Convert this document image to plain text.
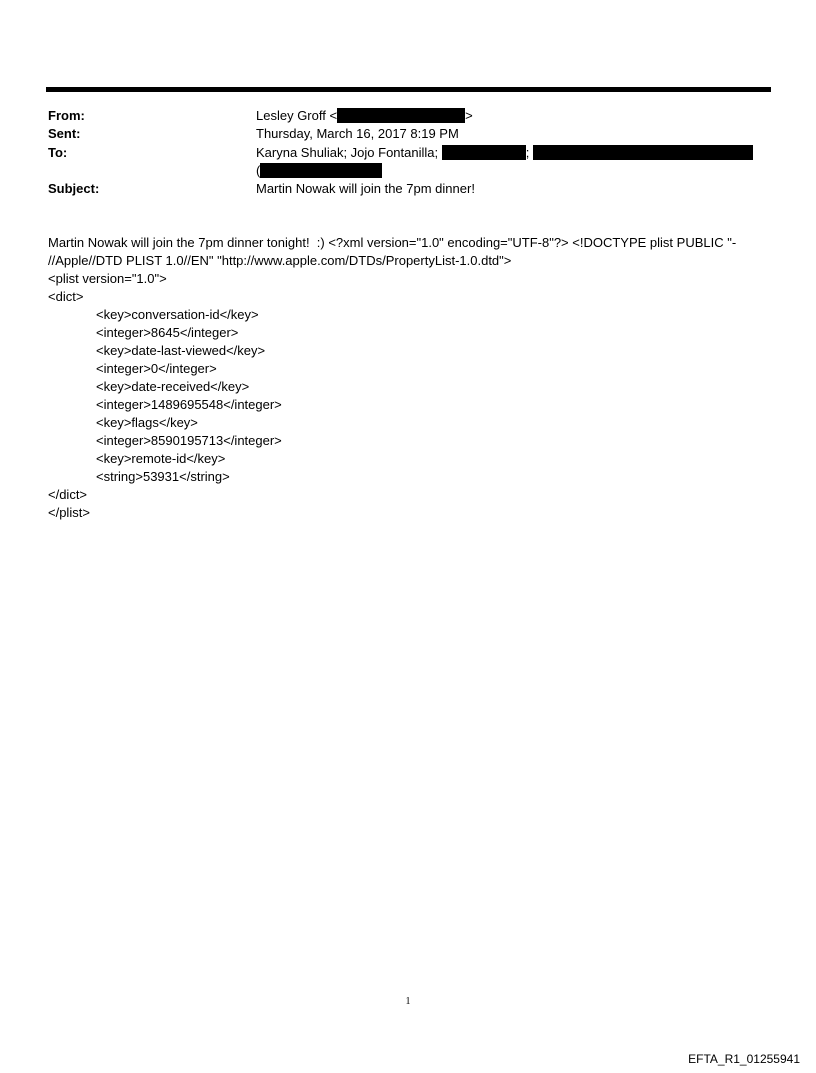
From:	Lesley Groff <	>
Sent:	Thursday, March 16, 2017 8:19 PM
To:	Karyna Shuliak; Jojo Fontanilla;	;
(
Subject:	Martin Nowak will join the 7pm dinner!
Martin Nowak will join the 7pm dinner tonight!  :) <?xml version="1.0" encoding="UTF-8"?> <!DOCTYPE plist PUBLIC "-
//Apple//DTD PLIST 1.0//EN" "http://www.apple.com/DTDs/PropertyList-1.0.dtd">
<plist version="1.0">
<dict>
<key>conversation-id</key>
<integer>8645</integer>
<key>date-last-viewed</key>
<integer>0</integer>
<key>date-received</key>
<integer>1489695548</integer>
<key>flags</key>
<integer>8590195713</integer>
<key>remote-id</key>
<string>53931</string>
</dict>
</plist>
1
EFTA_R1_01255941
